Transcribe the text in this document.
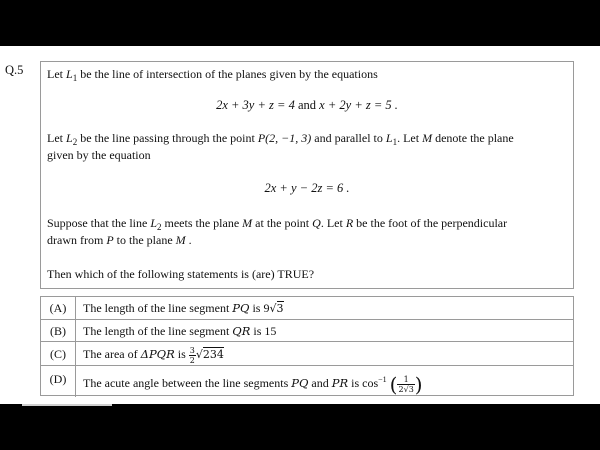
Q.5 Let $L_1$ be the line of intersection of the planes given by the equations
2x + 3y + z = 4 and x + 2y + z = 5 .
Let $L_2$ be the line passing through the point P(2, −1, 3) and parallel to $L_1$. Let M denote the plane
given by the equation
2x + y − 2z = 6 .
Suppose that the line $L_2$ meets the plane M at the point Q. Let R be the foot of the perpendicular
drawn from P to the plane M .
Then which of the following statements is (are) TRUE?
(A)	The length of the line segment PQ is 9√3
(B)	The length of the line segment QR is 15
(C)	The area of ΔPQR is $\frac{3}{2} √234$
(D)	The acute angle between the line segments PQ and PR is $\cos^{-1}$ ( $\frac{1}{2√3}$ )
